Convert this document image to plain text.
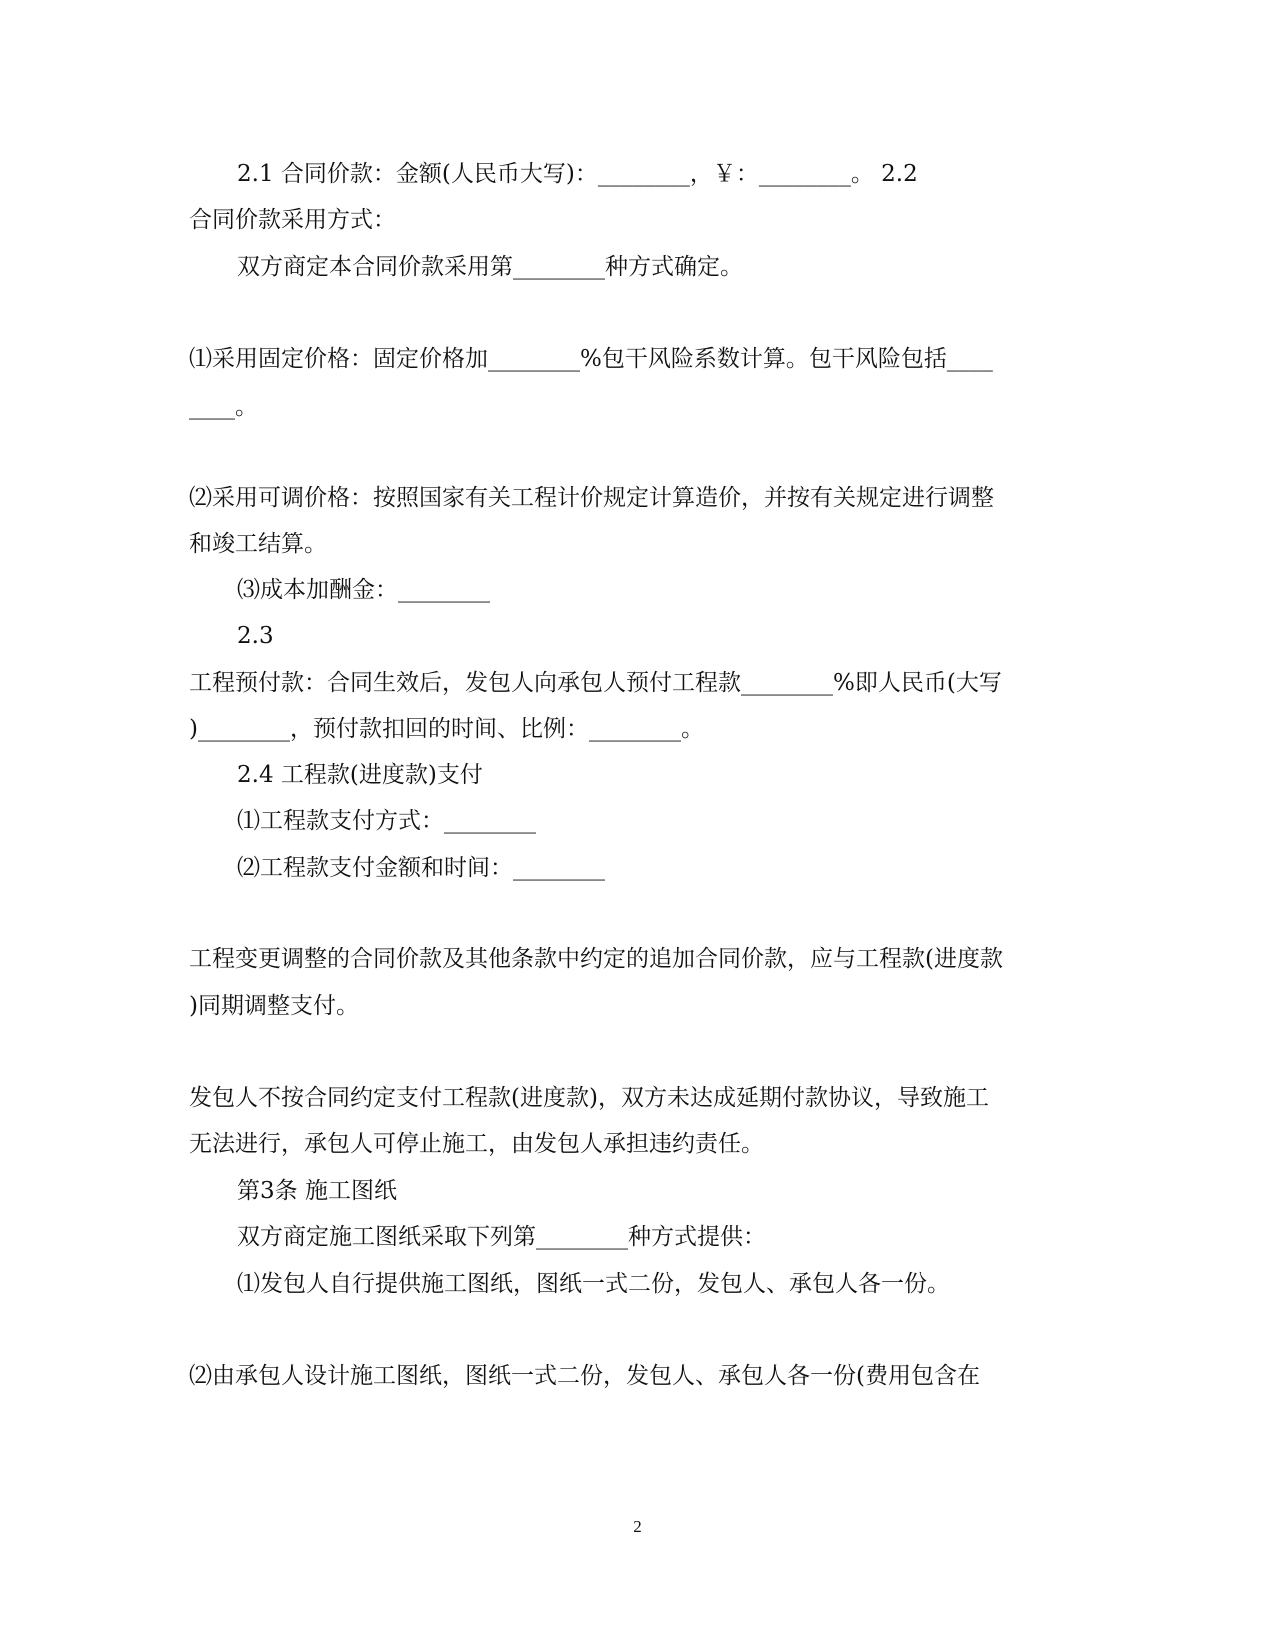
2.1 合同价款：金额(人民币大写)：________，￥：________。 2.2
合同价款采用方式：
双方商定本合同价款采用第________种方式确定。
⑴采用固定价格：固定价格加________%包干风险系数计算。包干风险包括____
____。
⑵采用可调价格：按照国家有关工程计价规定计算造价，并按有关规定进行调整
和竣工结算。
⑶成本加酬金：________
2.3
工程预付款：合同生效后，发包人向承包人预付工程款________%即人民币(大写
)________，预付款扣回的时间、比例：________。
2.4 工程款(进度款)支付
⑴工程款支付方式：________
⑵工程款支付金额和时间：________
工程变更调整的合同价款及其他条款中约定的追加合同价款，应与工程款(进度款
)同期调整支付。
发包人不按合同约定支付工程款(进度款)，双方未达成延期付款协议，导致施工
无法进行，承包人可停止施工，由发包人承担违约责任。
第3条 施工图纸
双方商定施工图纸采取下列第________种方式提供：
⑴发包人自行提供施工图纸，图纸一式二份，发包人、承包人各一份。
⑵由承包人设计施工图纸，图纸一式二份，发包人、承包人各一份(费用包含在
2
